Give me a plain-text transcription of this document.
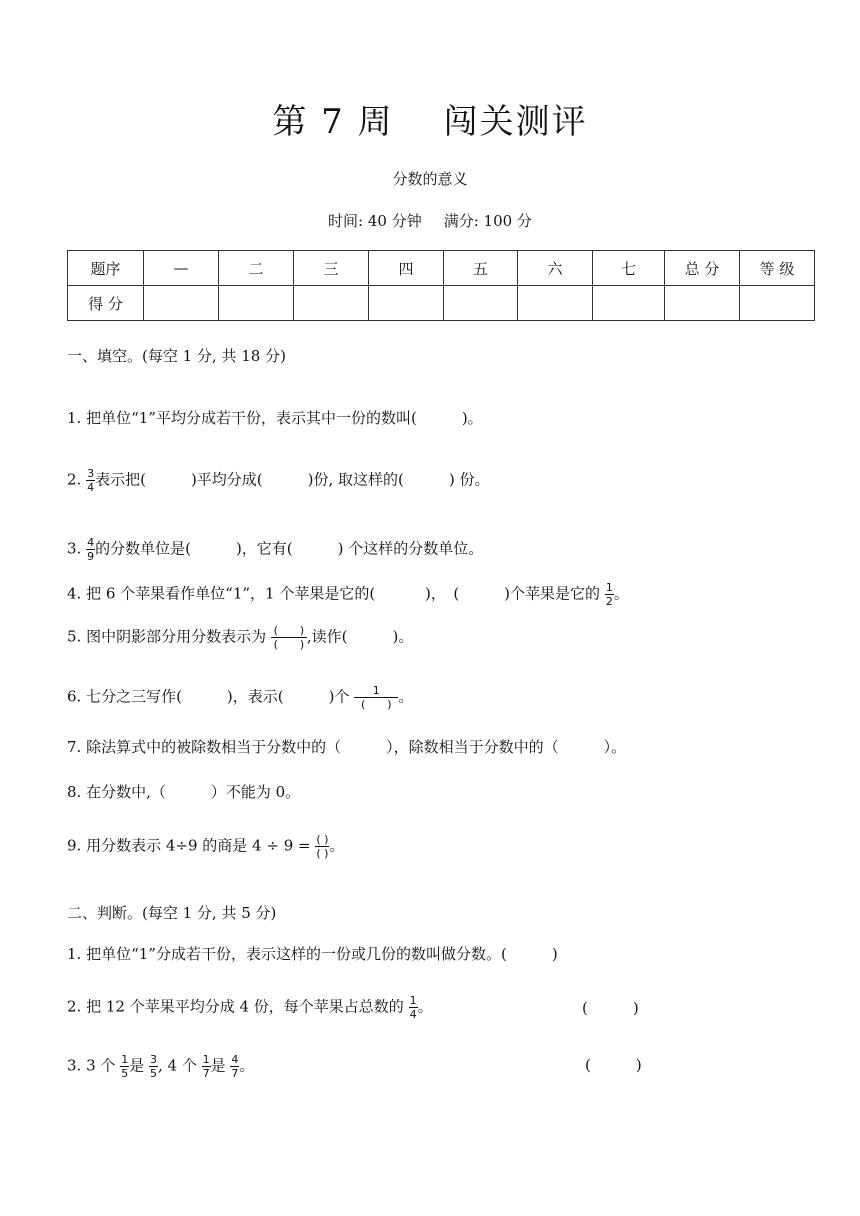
第 7 周 闯关测评
分数的意义
时间: 40 分钟 满分: 100 分
题序	—	二	三	四	五	六	七	总 分	等 级
得 分									
一、填空。(每空 1 分, 共 18 分)
1. 把单位“1”平均分成若干份，表示其中一份的数叫(　　　)。
2. $\frac{3}{4}$ 表示把(　　　)平均分成(　　　)份, 取这样的(　　　) 份。
3. $\frac{4}{9}$ 的分数单位是(　　　)，它有(　　　) 个这样的分数单位。
4. 把 6 个苹果看作单位“1”，1 个苹果是它的(　　　 )，　(　　　)个苹果是它的 $\frac{1}{2}$ 。
5. 图中阴影部分用分数表示为 $\frac{( )}{( )}$ ,读作(　　　)。
6. 七分之三写作(　　　)，表示(　　　)个 $\frac{1}{( )}$ 。
7. 除法算式中的被除数相当于分数中的（　　　），除数相当于分数中的（　　　）。
8. 在分数中,（　　　）不能为 0。
9. 用分数表示 4÷9 的商是 $4 \div 9 = \frac{( )}{( )}$ 。
二、判断。(每空 1 分, 共 5 分)
1. 把单位“1”分成若干份，表示这样的一份或几份的数叫做分数。(　　　)
2. 把 12 个苹果平均分成 4 份，每个苹果占总数的 $\frac{1}{4}$ 。	(　　　)
3. 3 个 $\frac{1}{5}$ 是 $\frac{3}{5}$ , 4 个 $\frac{1}{7}$ 是 $\frac{4}{7}$ 。	(　　　)
